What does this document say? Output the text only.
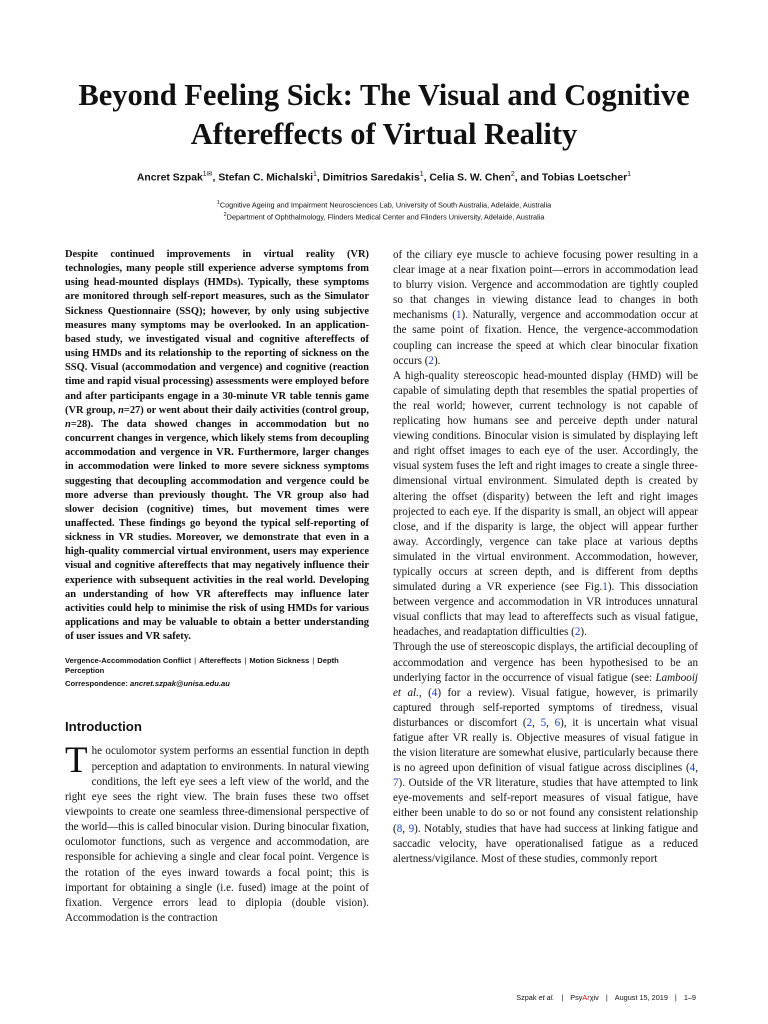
Beyond Feeling Sick: The Visual and Cognitive
Aftereffects of Virtual Reality
Ancret Szpak$^{1✉}$, Stefan C. Michalski$^1$, Dimitrios Saredakis$^1$, Celia S. W. Chen$^2$, and Tobias Loetscher$^1$
$^1$Cognitive Ageing and Impairment Neurosciences Lab, University of South Australia, Adelaide, Australia
$^2$Department of Ophthalmology, Flinders Medical Center and Flinders University, Adelaide, Australia

Despite continued improvements in virtual reality (VR) technologies, many people still experience adverse symptoms from using head-mounted displays (HMDs). Typically, these symptoms are monitored through self-report measures, such as the Simulator Sickness Questionnaire (SSQ); however, by only using subjective measures many symptoms may be overlooked. In an application-based study, we investigated visual and cognitive aftereffects of using HMDs and its relationship to the reporting of sickness on the SSQ. Visual (accommodation and vergence) and cognitive (reaction time and rapid visual processing) assessments were employed before and after participants engage in a 30-minute VR table tennis game (VR group, n=27) or went about their daily activities (control group, n=28). The data showed changes in accommodation but no concurrent changes in vergence, which likely stems from decoupling accommodation and vergence in VR. Furthermore, larger changes in accommodation were linked to more severe sickness symptoms suggesting that decoupling accommodation and vergence could be more adverse than previously thought. The VR group also had slower decision (cognitive) times, but movement times were unaffected. These findings go beyond the typical self-reporting of sickness in VR studies. Moreover, we demonstrate that even in a high-quality commercial virtual environment, users may experience visual and cognitive aftereffects that may negatively influence their experience with subsequent activities in the real world. Developing an understanding of how VR aftereffects may influence later activities could help to minimise the risk of using HMDs for various applications and may be valuable to obtain a better understanding of user issues and VR safety.

Vergence-Accommodation Conflict | Aftereffects | Motion Sickness | Depth Perception
Correspondence: ancret.szpak@unisa.edu.au
Introduction

The oculomotor system performs an essential function in depth perception and adaptation to environments. In natural viewing conditions, the left eye sees a left view of the world, and the right eye sees the right view. The brain fuses these two offset viewpoints to create one seamless three-dimensional perspective of the world—this is called binocular vision. During binocular fixation, oculomotor functions, such as vergence and accommodation, are responsible for achieving a single and clear focal point. Vergence is the rotation of the eyes inward towards a focal point; this is important for obtaining a single (i.e. fused) image at the point of fixation. Vergence errors lead to diplopia (double vision). Accommodation is the contraction

of the ciliary eye muscle to achieve focusing power resulting in a clear image at a near fixation point—errors in accommodation lead to blurry vision. Vergence and accommodation are tightly coupled so that changes in viewing distance lead to changes in both mechanisms (1). Naturally, vergence and accommodation occur at the same point of fixation. Hence, the vergence-accommodation coupling can increase the speed at which clear binocular fixation occurs (2).

A high-quality stereoscopic head-mounted display (HMD) will be capable of simulating depth that resembles the spatial properties of the real world; however, current technology is not capable of replicating how humans see and perceive depth under natural viewing conditions. Binocular vision is simulated by displaying left and right offset images to each eye of the user. Accordingly, the visual system fuses the left and right images to create a single three-dimensional virtual environment. Simulated depth is created by altering the offset (disparity) between the left and right images projected to each eye. If the disparity is small, an object will appear close, and if the disparity is large, the object will appear further away. Accordingly, vergence can take place at various depths simulated in the virtual environment. Accommodation, however, typically occurs at screen depth, and is different from depths simulated during a VR experience (see Fig.1). This dissociation between vergence and accommodation in VR introduces unnatural visual conflicts that may lead to aftereffects such as visual fatigue, headaches, and readaptation difficulties (2).

Through the use of stereoscopic displays, the artificial decoupling of accommodation and vergence has been hypothesised to be an underlying factor in the occurrence of visual fatigue (see: Lambooij et al., (4) for a review). Visual fatigue, however, is primarily captured through self-reported symptoms of tiredness, visual disturbances or discomfort (2, 5, 6), it is uncertain what visual fatigue after VR really is. Objective measures of visual fatigue in the vision literature are somewhat elusive, particularly because there is no agreed upon definition of visual fatigue across disciplines (4, 7). Outside of the VR literature, studies that have attempted to link eye-movements and self-report measures of visual fatigue, have either been unable to do so or not found any consistent relationship (8, 9). Notably, studies that have had success at linking fatigue and saccadic velocity, have operationalised fatigue as a reduced alertness/vigilance. Most of these studies, commonly report

Szpak et al. | PsyArχiv | August 15, 2019 | 1–9
